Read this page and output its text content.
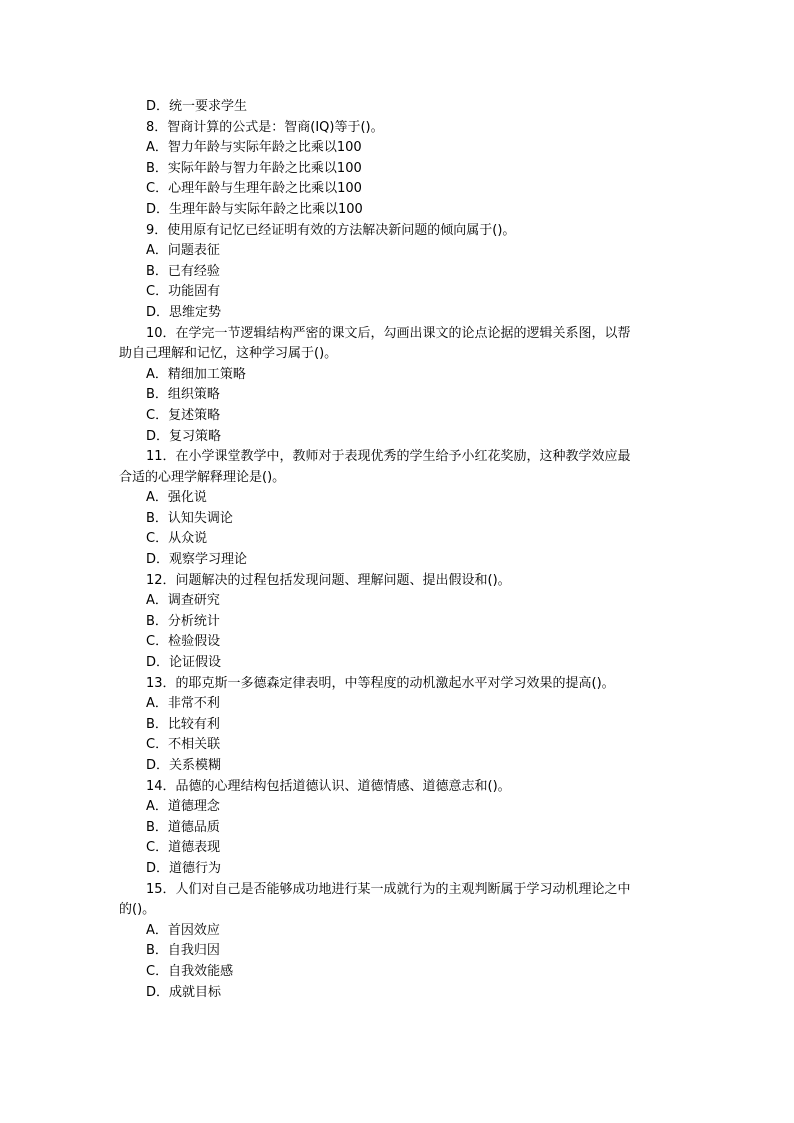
D．统一要求学生
8．智商计算的公式是：智商(IQ)等于()。
A．智力年龄与实际年龄之比乘以100
B．实际年龄与智力年龄之比乘以100
C．心理年龄与生理年龄之比乘以100
D．生理年龄与实际年龄之比乘以100
9．使用原有记忆已经证明有效的方法解决新问题的倾向属于()。
A．问题表征
B．已有经验
C．功能固有
D．思维定势
10．在学完一节逻辑结构严密的课文后，勾画出课文的论点论据的逻辑关系图，以帮
助自己理解和记忆，这种学习属于()。
A．精细加工策略
B．组织策略
C．复述策略
D．复习策略
11．在小学课堂教学中，教师对于表现优秀的学生给予小红花奖励，这种教学效应最
合适的心理学解释理论是()。
A．强化说
B．认知失调论
C．从众说
D．观察学习理论
12．问题解决的过程包括发现问题、理解问题、提出假设和()。
A．调查研究
B．分析统计
C．检验假设
D．论证假设
13．的耶克斯一多德森定律表明，中等程度的动机激起水平对学习效果的提高()。
A．非常不利
B．比较有利
C．不相关联
D．关系模糊
14．品德的心理结构包括道德认识、道德情感、道德意志和()。
A．道德理念
B．道德品质
C．道德表现
D．道德行为
15．人们对自己是否能够成功地进行某一成就行为的主观判断属于学习动机理论之中
的()。
A．首因效应
B．自我归因
C．自我效能感
D．成就目标
